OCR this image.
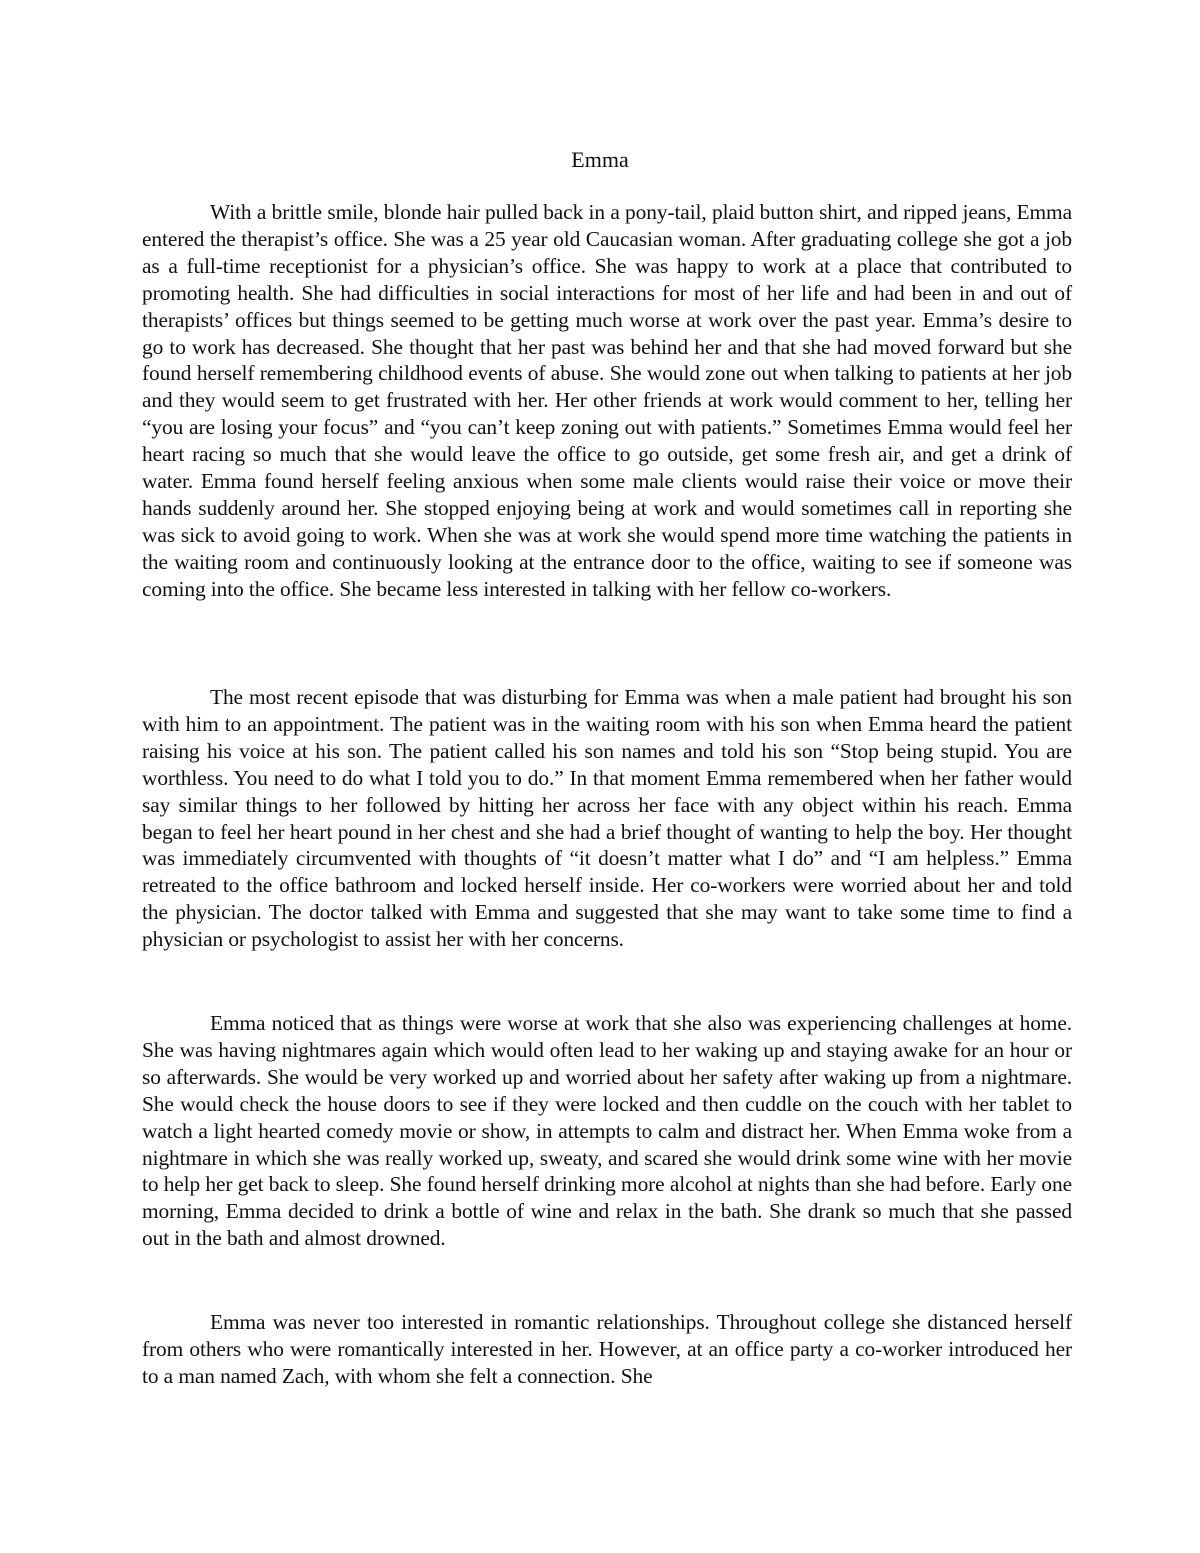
Emma

With a brittle smile, blonde hair pulled back in a pony-tail, plaid button shirt, and ripped jeans, Emma entered the therapist’s office. She was a 25 year old Caucasian woman. After graduating college she got a job as a full-time receptionist for a physician’s office. She was happy to work at a place that contributed to promoting health. She had difficulties in social interactions for most of her life and had been in and out of therapists’ offices but things seemed to be getting much worse at work over the past year. Emma’s desire to go to work has decreased. She thought that her past was behind her and that she had moved forward but she found herself remembering childhood events of abuse. She would zone out when talking to patients at her job and they would seem to get frustrated with her. Her other friends at work would comment to her, telling her “you are losing your focus” and “you can’t keep zoning out with patients.” Sometimes Emma would feel her heart racing so much that she would leave the office to go outside, get some fresh air, and get a drink of water. Emma found herself feeling anxious when some male clients would raise their voice or move their hands suddenly around her. She stopped enjoying being at work and would sometimes call in reporting she was sick to avoid going to work. When she was at work she would spend more time watching the patients in the waiting room and continuously looking at the entrance door to the office, waiting to see if someone was coming into the office. She became less interested in talking with her fellow co-workers.

The most recent episode that was disturbing for Emma was when a male patient had brought his son with him to an appointment. The patient was in the waiting room with his son when Emma heard the patient raising his voice at his son. The patient called his son names and told his son “Stop being stupid. You are worthless. You need to do what I told you to do.” In that moment Emma remembered when her father would say similar things to her followed by hitting her across her face with any object within his reach. Emma began to feel her heart pound in her chest and she had a brief thought of wanting to help the boy. Her thought was immediately circumvented with thoughts of “it doesn’t matter what I do” and “I am helpless.” Emma retreated to the office bathroom and locked herself inside. Her co-workers were worried about her and told the physician. The doctor talked with Emma and suggested that she may want to take some time to find a physician or psychologist to assist her with her concerns.

Emma noticed that as things were worse at work that she also was experiencing challenges at home. She was having nightmares again which would often lead to her waking up and staying awake for an hour or so afterwards. She would be very worked up and worried about her safety after waking up from a nightmare. She would check the house doors to see if they were locked and then cuddle on the couch with her tablet to watch a light hearted comedy movie or show, in attempts to calm and distract her. When Emma woke from a nightmare in which she was really worked up, sweaty, and scared she would drink some wine with her movie to help her get back to sleep. She found herself drinking more alcohol at nights than she had before. Early one morning, Emma decided to drink a bottle of wine and relax in the bath. She drank so much that she passed out in the bath and almost drowned.

Emma was never too interested in romantic relationships. Throughout college she distanced herself from others who were romantically interested in her. However, at an office party a co-worker introduced her to a man named Zach, with whom she felt a connection. She
